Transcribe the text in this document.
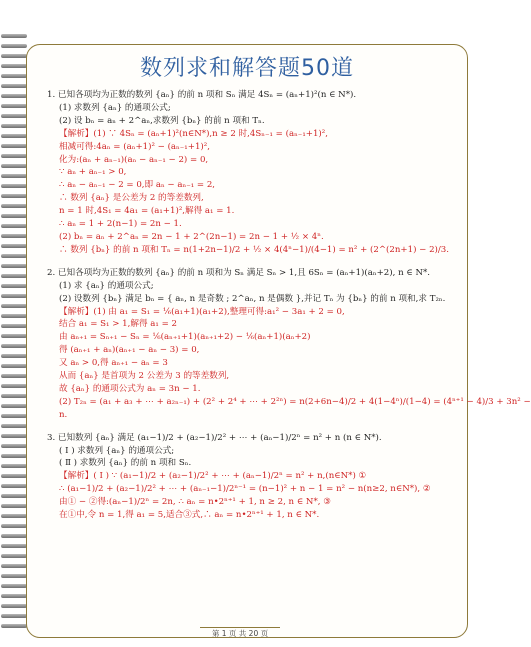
数列求和解答题50道
1. 已知各项均为正数的数列 {aₙ} 的前 n 项和 Sₙ 满足 4Sₙ = (aₙ+1)²(n ∈ N*).
(1) 求数列 {aₙ} 的通项公式;
(2) 设 bₙ = aₙ + 2^aₙ,求数列 {bₙ} 的前 n 项和 Tₙ.
【解析】(1) ∵ 4Sₙ = (aₙ+1)²(n∈N*),n ≥ 2 时,4Sₙ₋₁ = (aₙ₋₁+1)²,
相减可得:4aₙ = (aₙ+1)² − (aₙ₋₁+1)²,
化为:(aₙ + aₙ₋₁)(aₙ − aₙ₋₁ − 2) = 0,
∵ aₙ + aₙ₋₁ > 0,
∴ aₙ − aₙ₋₁ − 2 = 0,即 aₙ − aₙ₋₁ = 2,
∴ 数列 {aₙ} 是公差为 2 的等差数列,
n = 1 时,4S₁ = 4a₁ = (a₁+1)²,解得 a₁ = 1.
∴ aₙ = 1 + 2(n−1) = 2n − 1.
(2) bₙ = aₙ + 2^aₙ = 2n − 1 + 2^(2n−1) = 2n − 1 + ½ × 4ⁿ.
∴ 数列 {bₙ} 的前 n 项和 Tₙ = n(1+2n−1)/2 + ½ × 4(4ⁿ−1)/(4−1) = n² + (2^(2n+1) − 2)/3.
2. 已知各项均为正数的数列 {aₙ} 的前 n 项和为 Sₙ 满足 Sₙ > 1,且 6Sₙ = (aₙ+1)(aₙ+2), n ∈ N*.
(1) 求 {aₙ} 的通项公式;
(2) 设数列 {bₙ} 满足 bₙ = { aₙ, n 是奇数 ; 2^aₙ, n 是偶数 },并记 Tₙ 为 {bₙ} 的前 n 项和,求 T₂ₙ.
【解析】(1) 由 a₁ = S₁ = ⅙(a₁+1)(a₁+2),整理可得:a₁² − 3a₁ + 2 = 0,
结合 a₁ = S₁ > 1,解得 a₁ = 2
由 aₙ₊₁ = Sₙ₊₁ − Sₙ = ⅙(aₙ₊₁+1)(aₙ₊₁+2) − ⅙(aₙ+1)(aₙ+2)
得 (aₙ₊₁ + aₙ)(aₙ₊₁ − aₙ − 3) = 0,
又 aₙ > 0,得 aₙ₊₁ − aₙ = 3
从而 {aₙ} 是首项为 2 公差为 3 的等差数列,
故 {aₙ} 的通项公式为 aₙ = 3n − 1.
(2) T₂ₙ = (a₁ + a₃ + ⋯ + a₂ₙ₋₁) + (2² + 2⁴ + ⋯ + 2²ⁿ) = n(2+6n−4)/2 + 4(1−4ⁿ)/(1−4) = (4ⁿ⁺¹ − 4)/3 + 3n² −
n.
3. 已知数列 {aₙ} 满足 (a₁−1)/2 + (a₂−1)/2² + ⋯ + (aₙ−1)/2ⁿ = n² + n (n ∈ N*).
( Ⅰ ) 求数列 {aₙ} 的通项公式;
( Ⅱ ) 求数列 {aₙ} 的前 n 项和 Sₙ.
【解析】( Ⅰ ) ∵ (a₁−1)/2 + (a₂−1)/2² + ⋯ + (aₙ−1)/2ⁿ = n² + n,(n∈N*) ①
∴ (a₁−1)/2 + (a₂−1)/2² + ⋯ + (aₙ₋₁−1)/2ⁿ⁻¹ = (n−1)² + n − 1 = n² − n(n≥2, n∈N*), ②
由① − ②得:(aₙ−1)/2ⁿ = 2n, ∴ aₙ = n•2ⁿ⁺¹ + 1, n ≥ 2, n ∈ N*, ③
在①中,令 n = 1,得 a₁ = 5,适合③式,∴ aₙ = n•2ⁿ⁺¹ + 1, n ∈ N*.
第 1 页 共 20 页
